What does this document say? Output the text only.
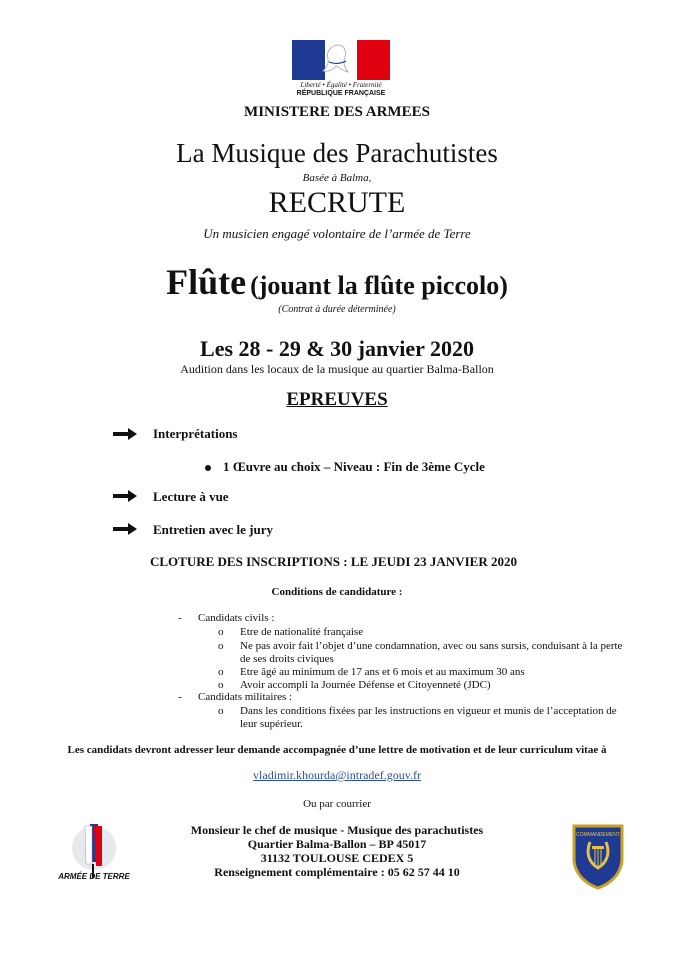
Liberté • Égalité • Fraternité
RÉPUBLIQUE FRANÇAISE
MINISTERE DES ARMEES
La Musique des Parachutistes
Basée à Balma,
RECRUTE
Un musicien engagé volontaire de l’armée de Terre
Flûte (jouant la flûte piccolo)
(Contrat à durée déterminée)
Les 28 - 29 & 30 janvier 2020
Audition dans les locaux de la musique au quartier Balma-Ballon
EPREUVES
Interprétations
1 Œuvre au choix – Niveau : Fin de 3ème Cycle
Lecture à vue
Entretien avec le jury
CLOTURE DES INSCRIPTIONS : LE JEUDI 23 JANVIER 2020
Conditions de candidature :
- Candidats civils :
o Etre de nationalité française
o Ne pas avoir fait l’objet d’une condamnation, avec ou sans sursis, conduisant à la perte de ses droits civiques
o Etre âgé au minimum de 17 ans et 6 mois et au maximum 30 ans
o Avoir accompli la Journée Défense et Citoyenneté (JDC)
- Candidats militaires :
o Dans les conditions fixées par les instructions en vigueur et munis de l’acceptation de leur supérieur.
Les candidats devront adresser leur demande accompagnée d’une lettre de motivation et de leur curriculum vitae à
vladimir.khourda@intradef.gouv.fr
Ou par courrier
Monsieur le chef de musique - Musique des parachutistes
Quartier Balma-Ballon – BP 45017
31132 TOULOUSE CEDEX 5
Renseignement complémentaire : 05 62 57 44 10
ARMÉE DE TERRE
COMMANDEMENT
